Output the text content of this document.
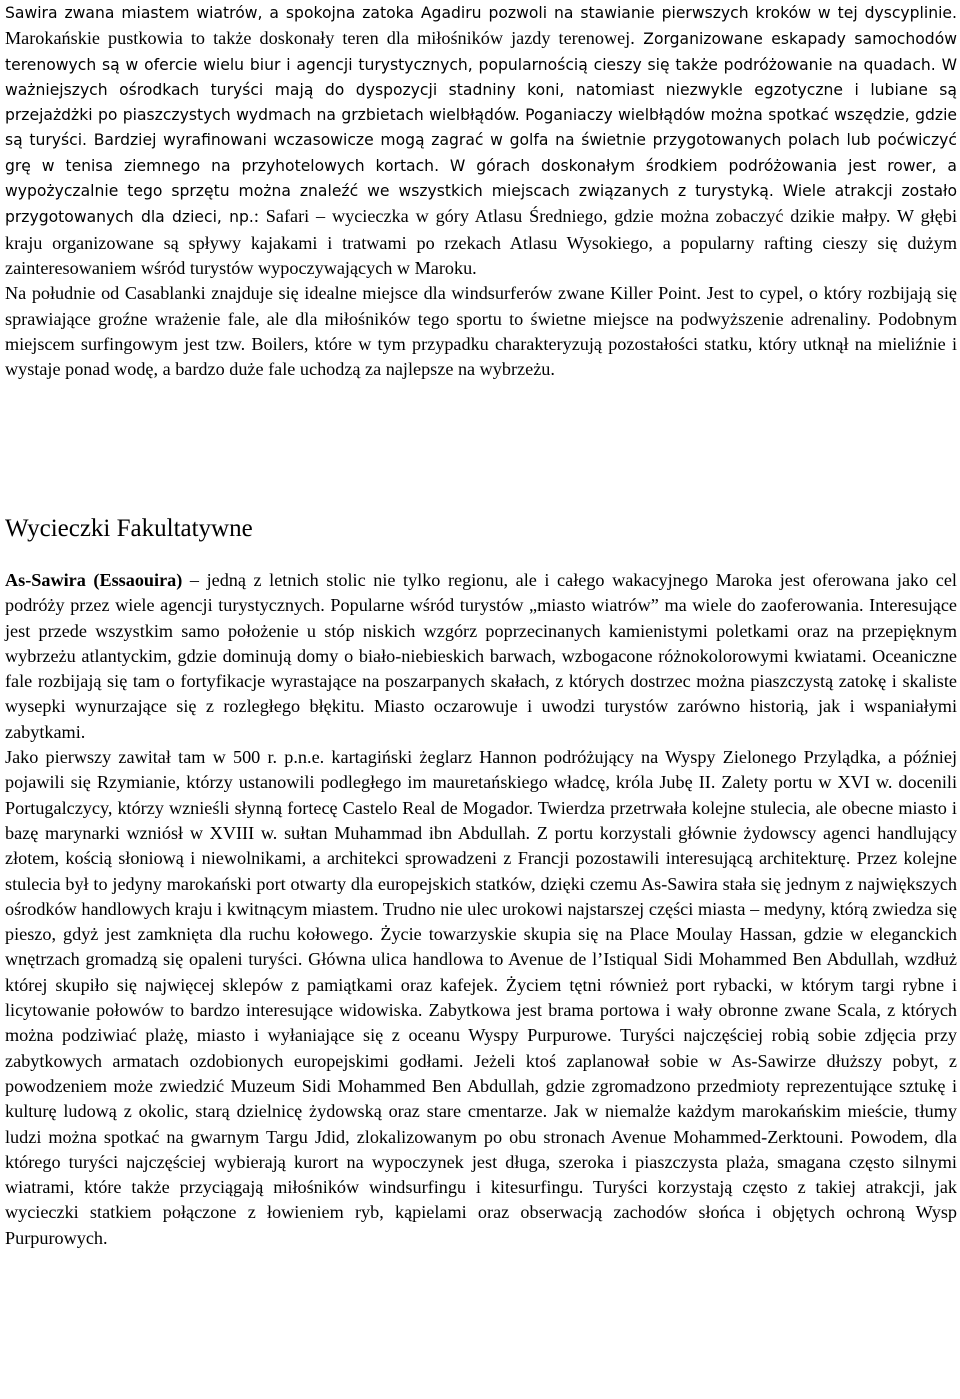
Sawira zwana miastem wiatrów, a spokojna zatoka Agadiru pozwoli na stawianie pierwszych kroków w tej dyscyplinie. Marokańskie pustkowia to także doskonały teren dla miłośników jazdy terenowej. Zorganizowane eskapady samochodów terenowych są w ofercie wielu biur i agencji turystycznych, popularnością cieszy się także podróżowanie na quadach. W ważniejszych ośrodkach turyści mają do dyspozycji stadniny koni, natomiast niezwykle egzotyczne i lubiane są przejażdżki po piaszczystych wydmach na grzbietach wielbłądów. Poganiaczy wielbłądów można spotkać wszędzie, gdzie są turyści. Bardziej wyrafinowani wczasowicze mogą zagrać w golfa na świetnie przygotowanych polach lub poćwiczyć grę w tenisa ziemnego na przyhotelowych kortach. W górach doskonałym środkiem podróżowania jest rower, a wypożyczalnie tego sprzętu można znaleźć we wszystkich miejscach związanych z turystyką. Wiele atrakcji zostało przygotowanych dla dzieci, np.: Safari – wycieczka w góry Atlasu Średniego, gdzie można zobaczyć dzikie małpy. W głębi kraju organizowane są spływy kajakami i tratwami po rzekach Atlasu Wysokiego, a popularny rafting cieszy się dużym zainteresowaniem wśród turystów wypoczywających w Maroku.

Na południe od Casablanki znajduje się idealne miejsce dla windsurferów zwane Killer Point. Jest to cypel, o który rozbijają się sprawiające groźne wrażenie fale, ale dla miłośników tego sportu to świetne miejsce na podwyższenie adrenaliny. Podobnym miejscem surfingowym jest tzw. Boilers, które w tym przypadku charakteryzują pozostałości statku, który utknął na mieliźnie i wystaje ponad wodę, a bardzo duże fale uchodzą za najlepsze na wybrzeżu.

Wycieczki Fakultatywne

As-Sawira (Essaouira) – jedną z letnich stolic nie tylko regionu, ale i całego wakacyjnego Maroka jest oferowana jako cel podróży przez wiele agencji turystycznych. Popularne wśród turystów „miasto wiatrów” ma wiele do zaoferowania. Interesujące jest przede wszystkim samo położenie u stóp niskich wzgórz poprzecinanych kamienistymi poletkami oraz na przepięknym wybrzeżu atlantyckim, gdzie dominują domy o biało-niebieskich barwach, wzbogacone różnokolorowymi kwiatami. Oceaniczne fale rozbijają się tam o fortyfikacje wyrastające na poszarpanych skałach, z których dostrzec można piaszczystą zatokę i skaliste wysepki wynurzające się z rozległego błękitu. Miasto oczarowuje i uwodzi turystów zarówno historią, jak i wspaniałymi zabytkami.

Jako pierwszy zawitał tam w 500 r. p.n.e. kartagiński żeglarz Hannon podróżujący na Wyspy Zielonego Przylądka, a później pojawili się Rzymianie, którzy ustanowili podległego im mauretańskiego władcę, króla Jubę II. Zalety portu w XVI w. docenili Portugalczycy, którzy wznieśli słynną fortecę Castelo Real de Mogador. Twierdza przetrwała kolejne stulecia, ale obecne miasto i bazę marynarki wzniósł w XVIII w. sułtan Muhammad ibn Abdullah. Z portu korzystali głównie żydowscy agenci handlujący złotem, kością słoniową i niewolnikami, a architekci sprowadzeni z Francji pozostawili interesującą architekturę. Przez kolejne stulecia był to jedyny marokański port otwarty dla europejskich statków, dzięki czemu As-Sawira stała się jednym z największych ośrodków handlowych kraju i kwitnącym miastem. Trudno nie ulec urokowi najstarszej części miasta – medyny, którą zwiedza się pieszo, gdyż jest zamknięta dla ruchu kołowego. Życie towarzyskie skupia się na Place Moulay Hassan, gdzie w eleganckich wnętrzach gromadzą się opaleni turyści. Główna ulica handlowa to Avenue de l’Istiqual Sidi Mohammed Ben Abdullah, wzdłuż której skupiło się najwięcej sklepów z pamiątkami oraz kafejek. Życiem tętni również port rybacki, w którym targi rybne i licytowanie połowów to bardzo interesujące widowiska. Zabytkowa jest brama portowa i wały obronne zwane Scala, z których można podziwiać plażę, miasto i wyłaniające się z oceanu Wyspy Purpurowe. Turyści najczęściej robią sobie zdjęcia przy zabytkowych armatach ozdobionych europejskimi godłami. Jeżeli ktoś zaplanował sobie w As-Sawirze dłuższy pobyt, z powodzeniem może zwiedzić Muzeum Sidi Mohammed Ben Abdullah, gdzie zgromadzono przedmioty reprezentujące sztukę i kulturę ludową z okolic, starą dzielnicę żydowską oraz stare cmentarze. Jak w niemalże każdym marokańskim mieście, tłumy ludzi można spotkać na gwarnym Targu Jdid, zlokalizowanym po obu stronach Avenue Mohammed-Zerktouni. Powodem, dla którego turyści najczęściej wybierają kurort na wypoczynek jest długa, szeroka i piaszczysta plaża, smagana często silnymi wiatrami, które także przyciągają miłośników windsurfingu i kitesurfingu. Turyści korzystają często z takiej atrakcji, jak wycieczki statkiem połączone z łowieniem ryb, kąpielami oraz obserwacją zachodów słońca i objętych ochroną Wysp Purpurowych.
